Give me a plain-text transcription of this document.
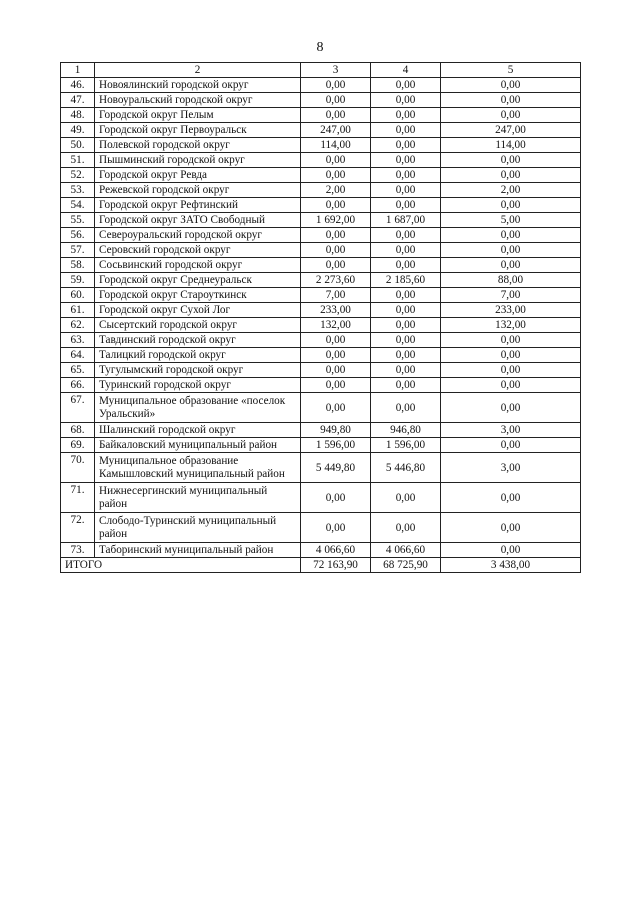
8
1	2	3	4	5
46.	Новоялинский городской округ	0,00	0,00	0,00
47.	Новоуральский городской округ	0,00	0,00	0,00
48.	Городской округ Пелым	0,00	0,00	0,00
49.	Городской округ Первоуральск	247,00	0,00	247,00
50.	Полевской городской округ	114,00	0,00	114,00
51.	Пышминский городской округ	0,00	0,00	0,00
52.	Городской округ Ревда	0,00	0,00	0,00
53.	Режевской городской округ	2,00	0,00	2,00
54.	Городской округ Рефтинский	0,00	0,00	0,00
55.	Городской округ ЗАТО Свободный	1 692,00	1 687,00	5,00
56.	Североуральский городской округ	0,00	0,00	0,00
57.	Серовский городской округ	0,00	0,00	0,00
58.	Сосьвинский городской округ	0,00	0,00	0,00
59.	Городской округ Среднеуральск	2 273,60	2 185,60	88,00
60.	Городской округ Староуткинск	7,00	0,00	7,00
61.	Городской округ Сухой Лог	233,00	0,00	233,00
62.	Сысертский городской округ	132,00	0,00	132,00
63.	Тавдинский городской округ	0,00	0,00	0,00
64.	Талицкий городской округ	0,00	0,00	0,00
65.	Тугулымский городской округ	0,00	0,00	0,00
66.	Туринский городской округ	0,00	0,00	0,00
67.	Муниципальное образование «поселок Уральский»	0,00	0,00	0,00
68.	Шалинский городской округ	949,80	946,80	3,00
69.	Байкаловский муниципальный район	1 596,00	1 596,00	0,00
70.	Муниципальное образование Камышловский муниципальный район	5 449,80	5 446,80	3,00
71.	Нижнесергинский муниципальный район	0,00	0,00	0,00
72.	Слободо-Туринский муниципальный район	0,00	0,00	0,00
73.	Таборинский муниципальный район	4 066,60	4 066,60	0,00
ИТОГО		72 163,90	68 725,90	3 438,00
